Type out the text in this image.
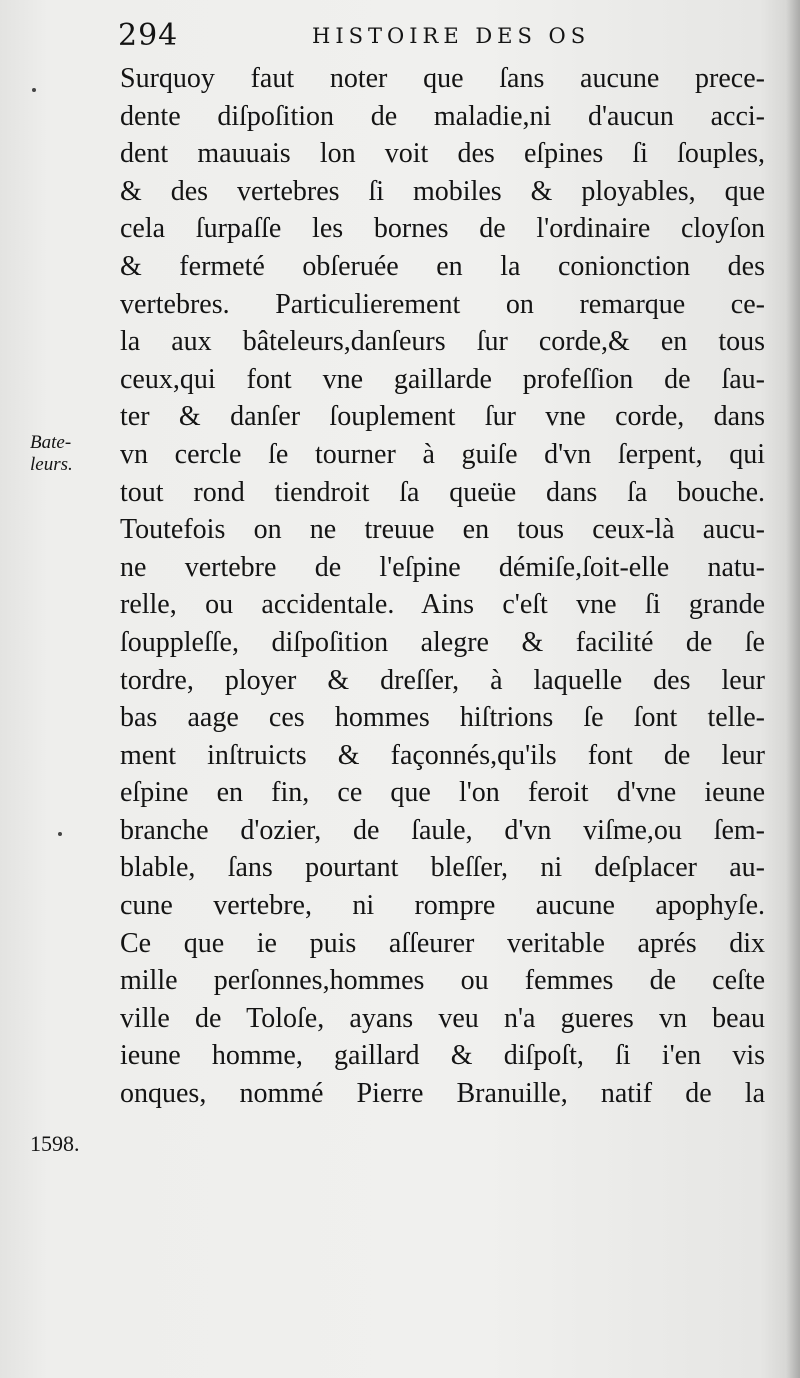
294	HISTOIRE DES OS
Bate-
leurs.
1598.
Surquoy faut noter que ſans aucune prece-
dente diſpoſition de maladie,ni d'aucun acci-
dent mauuais lon voit des eſpines ſi ſouples,
& des vertebres ſi mobiles & ployables, que
cela ſurpaſſe les bornes de l'ordinaire cloyſon
& fermeté obſeruée en la conionction des
vertebres. Particulierement on remarque ce-
la aux bâteleurs,danſeurs ſur corde,& en tous
ceux,qui font vne gaillarde profeſſion de ſau-
ter & danſer ſouplement ſur vne corde, dans
vn cercle ſe tourner à guiſe d'vn ſerpent, qui
tout rond tiendroit ſa queüe dans ſa bouche.
Toutefois on ne treuue en tous ceux-là aucu-
ne vertebre de l'eſpine démiſe,ſoit-elle natu-
relle, ou accidentale. Ains c'eſt vne ſi grande
ſouppleſſe, diſpoſition alegre & facilité de ſe
tordre, ployer & dreſſer, à laquelle des leur
bas aage ces hommes hiſtrions ſe ſont telle-
ment inſtruicts & façonnés,qu'ils font de leur
eſpine en fin, ce que l'on feroit d'vne ieune
branche d'ozier, de ſaule, d'vn viſme,ou ſem-
blable, ſans pourtant bleſſer, ni deſplacer au-
cune vertebre, ni rompre aucune apophyſe.
Ce que ie puis aſſeurer veritable aprés dix
mille perſonnes,hommes ou femmes de ceſte
ville de Toloſe, ayans veu n'a gueres vn beau
ieune homme, gaillard & diſpoſt, ſi i'en vis
onques, nommé Pierre Branuille, natif de la
